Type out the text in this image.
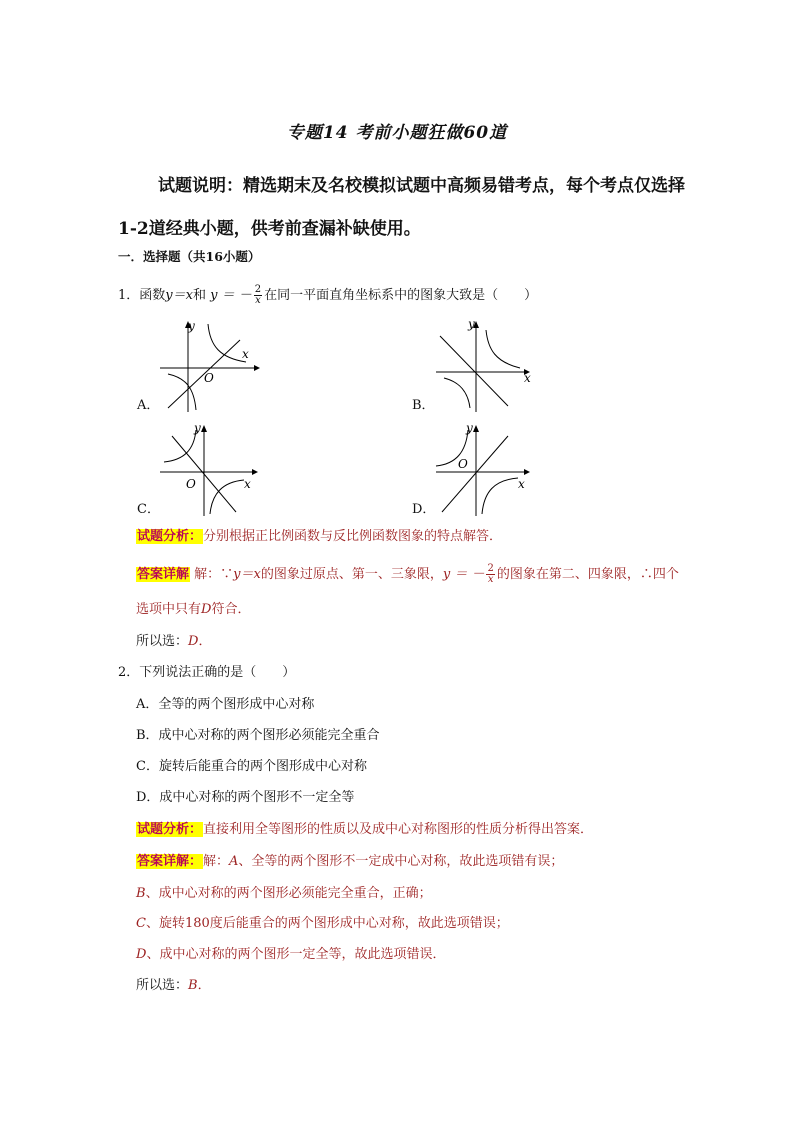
专题14 考前小题狂做60道
试题说明：精选期末及名校模拟试题中高频易错考点，每个考点仅选择1-2道经典小题，供考前查漏补缺使用。
一．选择题（共16小题）
1．函数y＝x和 y ＝ － $\frac{2}{x}$ 在同一平面直角坐标系中的图象大致是（　　）
A．
y
x
O
B．
y
x
C．
y
x
O
D．
y
x
O
试题分析：分别根据正比例函数与反比例函数图象的特点解答．
答案详解 解：∵y＝x的图象过原点、第一、三象限，y ＝ － $\frac{2}{x}$ 的图象在第二、四象限，∴四个
选项中只有D符合．
所以选：D．
2．下列说法正确的是（　　）
A．全等的两个图形成中心对称
B．成中心对称的两个图形必须能完全重合
C．旋转后能重合的两个图形成中心对称
D．成中心对称的两个图形不一定全等
试题分析：直接利用全等图形的性质以及成中心对称图形的性质分析得出答案．
答案详解：解：A、全等的两个图形不一定成中心对称，故此选项错有误；
B、成中心对称的两个图形必须能完全重合，正确；
C、旋转180度后能重合的两个图形成中心对称，故此选项错误；
D、成中心对称的两个图形一定全等，故此选项错误．
所以选：B．
